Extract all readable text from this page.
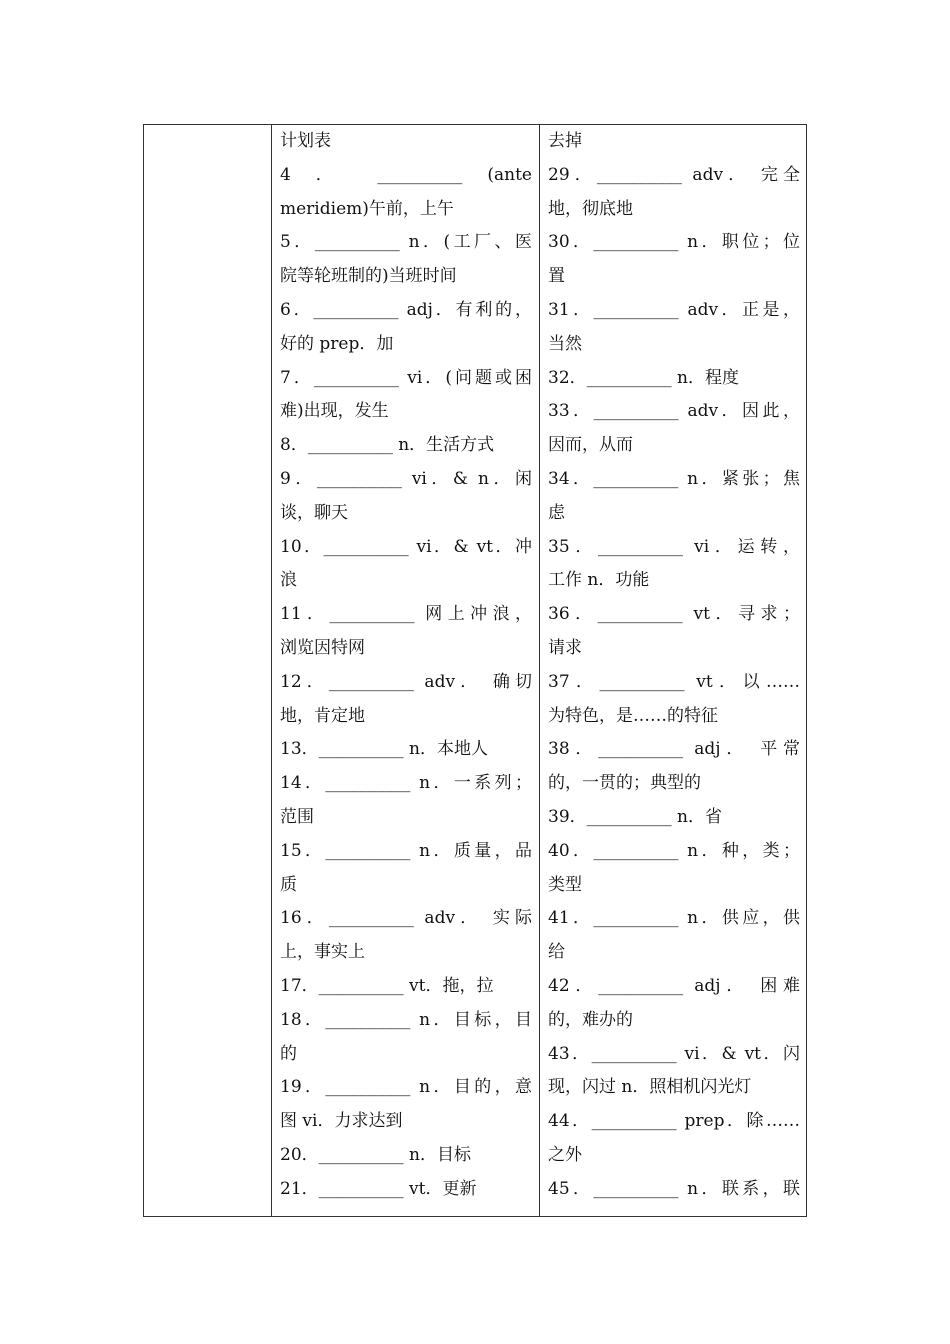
计划表
4 ． __________ (ante
meridiem)午前，上午
5．__________ n．(工厂、医
院等轮班制的)当班时间
6．__________ adj．有利的，
好的 prep．加
7．__________ vi．(问题或困
难)出现，发生
8．__________ n．生活方式
9．__________ vi．& n．闲
谈，聊天
10．__________ vi．& vt．冲
浪
11．__________ 网上冲浪，
浏览因特网
12．__________ adv． 确切
地，肯定地
13．__________ n．本地人
14．__________ n．一系列；
范围
15．__________ n．质量，品
质
16．__________ adv． 实际
上，事实上
17．__________ vt．拖，拉
18．__________ n．目标，目
的
19．__________ n．目的，意
图 vi．力求达到
20．__________ n．目标
21．__________ vt．更新
去掉
29．__________ adv． 完全
地，彻底地
30．__________ n．职位；位
置
31．__________ adv．正是，
当然
32．__________ n．程度
33．__________ adv．因此，
因而，从而
34．__________ n．紧张；焦
虑
35．__________ vi．运转，
工作 n．功能
36．__________ vt．寻求；
请求
37．__________ vt．以……
为特色，是……的特征
38．__________ adj． 平常
的，一贯的；典型的
39．__________ n．省
40．__________ n．种，类；
类型
41．__________ n．供应，供
给
42．__________ adj． 困难
的，难办的
43．__________ vi．& vt．闪
现，闪过 n．照相机闪光灯
44．__________ prep．除……
之外
45．__________ n．联系，联
